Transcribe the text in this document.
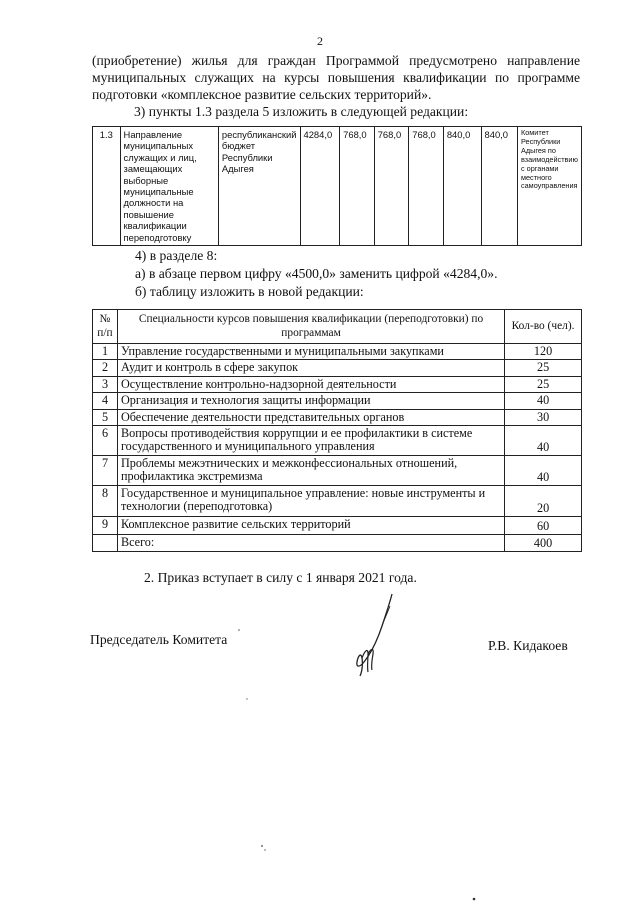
2
(приобретение) жилья для граждан Программой предусмотрено направление
муниципальных служащих на курсы повышения квалификации по программе
подготовки «комплексное развитие сельских территорий».
3) пункты 1.3 раздела 5 изложить в следующей редакции:
1.3	Направление муниципальных служащих и лиц, замещающих выборные муниципальные должности на повышение квалификации переподготовку	республиканский бюджет Республики Адыгея	4284,0	768,0	768,0	768,0	840,0	840,0	Комитет Республики Адыгея по взаимодействию с органами местного самоуправления
4) в разделе 8:
а) в абзаце первом цифру «4500,0» заменить цифрой «4284,0».
б) таблицу изложить в новой редакции:
№ п/п	Специальности курсов повышения квалификации (переподготовки) по программам	Кол-во (чел).
1	Управление государственными и муниципальными закупками	120
2	Аудит и контроль в сфере закупок	25
3	Осуществление контрольно-надзорной деятельности	25
4	Организация и технология защиты информации	40
5	Обеспечение деятельности представительных органов	30
6	Вопросы противодействия коррупции и ее профилактики в системе государственного и муниципального управления	40
7	Проблемы межэтнических и межконфессиональных отношений, профилактика экстремизма	40
8	Государственное и муниципальное управление: новые инструменты и технологии (переподготовка)	20
9	Комплексное развитие сельских территорий	60
	Всего:	400
2. Приказ вступает в силу с 1 января 2021 года.
Председатель Комитета	Р.В. Кидакоев
